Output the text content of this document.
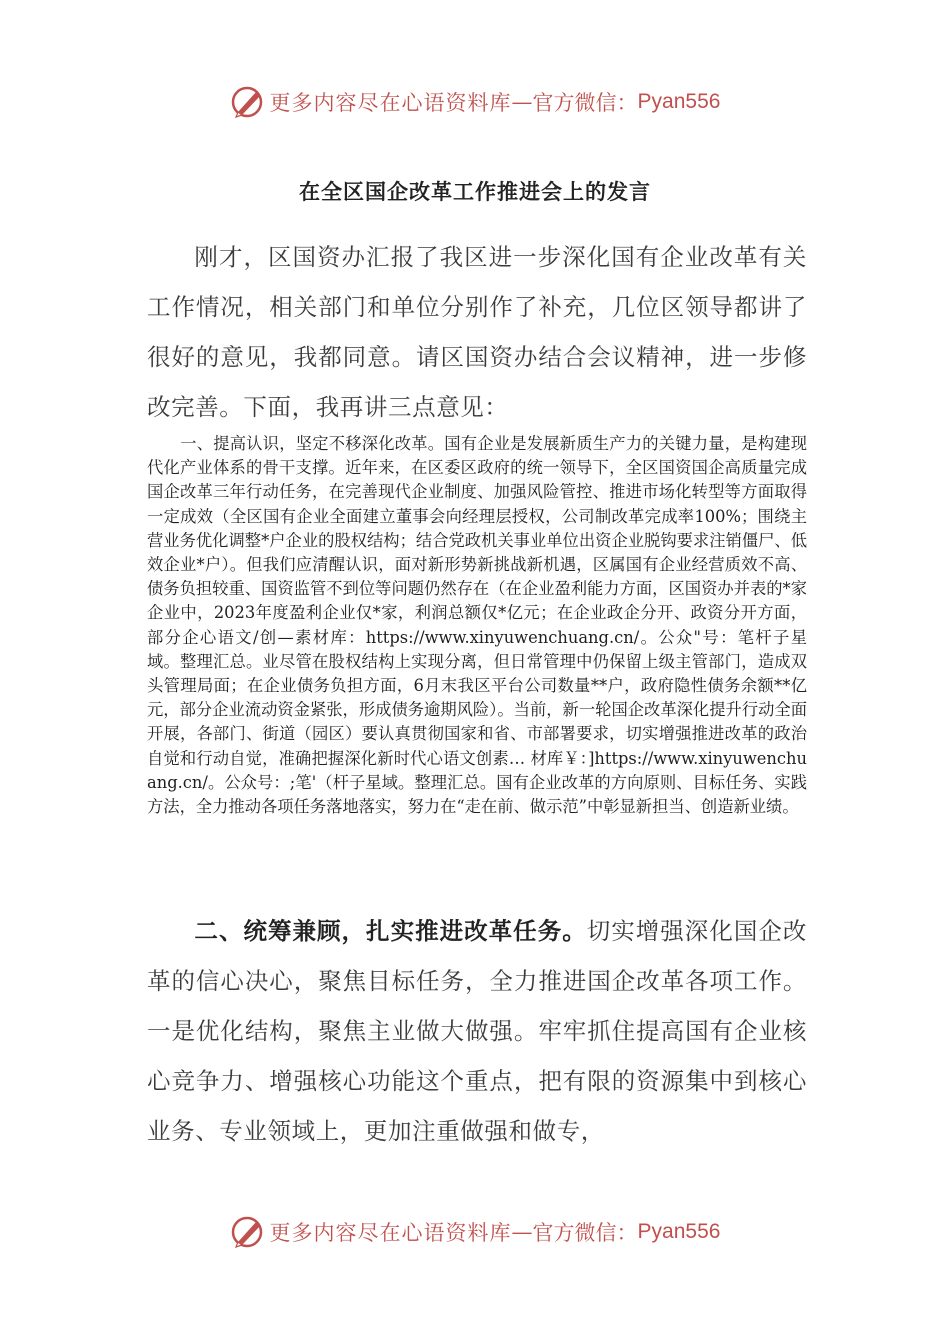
更多内容尽在心语资料库 — 官方微信： Pyan556
在全区国企改革工作推进会上的发言

刚才，区国资办汇报了我区进一步深化国有企业改革有关工作情况，相关部门和单位分别作了补充，几位区领导都讲了很好的意见，我都同意。请区国资办结合会议精神，进一步修改完善。下面，我再讲三点意见：

一、提高认识，坚定不移深化改革。国有企业是发展新质生产力的关键力量，是构建现代化产业体系的骨干支撑。近年来，在区委区政府的统一领导下，全区国资国企高质量完成国企改革三年行动任务，在完善现代企业制度、加强风险管控、推进市场化转型等方面取得一定成效（全区国有企业全面建立董事会向经理层授权，公司制改革完成率100%；围绕主营业务优化调整*户企业的股权结构；结合党政机关事业单位出资企业脱钩要求注销僵尸、低效企业*户）。但我们应清醒认识，面对新形势新挑战新机遇，区属国有企业经营质效不高、债务负担较重、国资监管不到位等问题仍然存在（在企业盈利能力方面，区国资办并表的*家企业中，2023年度盈利企业仅*家，利润总额仅*亿元；在企业政企分开、政资分开方面，部分企心语文/创—素材库：https://www.xinyuwenchuang.cn/。公众"号：笔杆子星域。整理汇总。业尽管在股权结构上实现分离，但日常管理中仍保留上级主管部门，造成双头管理局面；在企业债务负担方面，6月末我区平台公司数量**户，政府隐性债务余额**亿元，部分企业流动资金紧张，形成债务逾期风险）。当前，新一轮国企改革深化提升行动全面开展，各部门、街道（园区）要认真贯彻国家和省、市部署要求，切实增强推进改革的政治自觉和行动自觉，准确把握深化新时代心语文创素… 材库￥：]https://www.xinyuwenchuang.cn/。公众号：;笔'（杆子星域。整理汇总。国有企业改革的方向原则、目标任务、实践方法，全力推动各项任务落地落实，努力在“走在前、做示范”中彰显新担当、创造新业绩。

二、统筹兼顾，扎实推进改革任务。切实增强深化国企改革的信心决心，聚焦目标任务，全力推进国企改革各项工作。一是优化结构，聚焦主业做大做强。牢牢抓住提高国有企业核心竞争力、增强核心功能这个重点，把有限的资源集中到核心业务、专业领域上，更加注重做强和做专，

更多内容尽在心语资料库 — 官方微信： Pyan556
